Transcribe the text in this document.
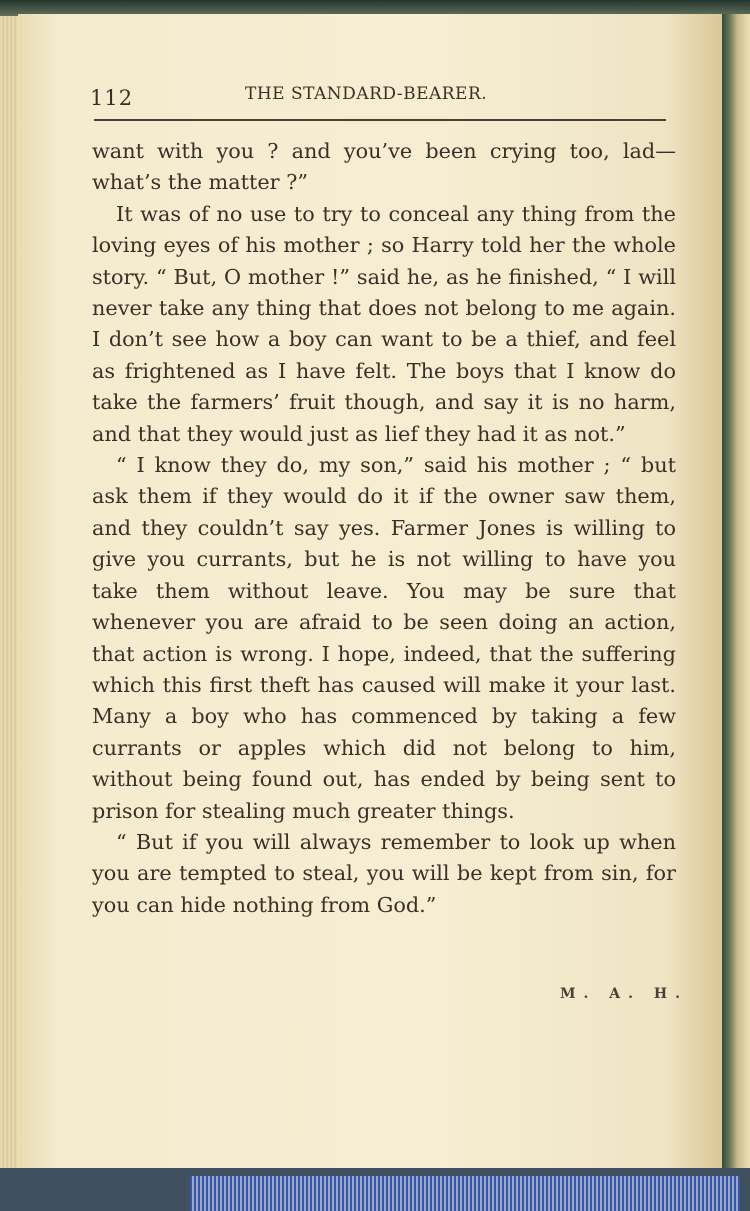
112	THE STANDARD-BEARER.

want with you ? and you’ve been crying too, lad— what’s the matter ?”

It was of no use to try to conceal any thing from the loving eyes of his mother ; so Harry told her the whole story. “ But, O mother !” said he, as he finished, “ I will never take any thing that does not belong to me again. I don’t see how a boy can want to be a thief, and feel as frightened as I have felt. The boys that I know do take the farmers’ fruit though, and say it is no harm, and that they would just as lief they had it as not.”

“ I know they do, my son,” said his mother ; “ but ask them if they would do it if the owner saw them, and they couldn’t say yes. Farmer Jones is willing to give you currants, but he is not willing to have you take them without leave. You may be sure that whenever you are afraid to be seen doing an action, that action is wrong. I hope, indeed, that the suffering which this first theft has caused will make it your last. Many a boy who has commenced by taking a few currants or apples which did not belong to him, without being found out, has ended by being sent to prison for stealing much greater things.

“ But if you will always remember to look up when you are tempted to steal, you will be kept from sin, for you can hide nothing from God.”

M. A. H.
